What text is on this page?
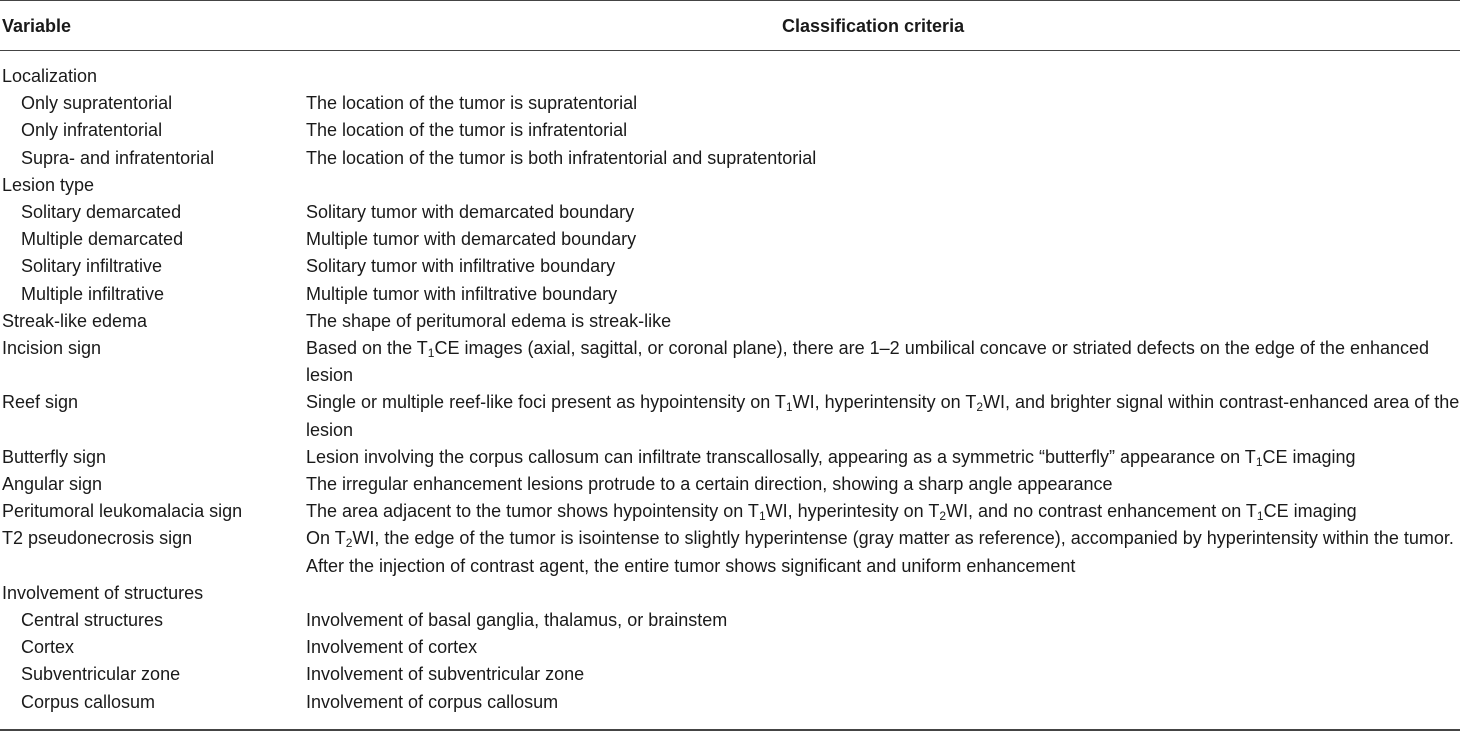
Variable	Classification criteria
Localization
Only supratentorial	The location of the tumor is supratentorial
Only infratentorial	The location of the tumor is infratentorial
Supra- and infratentorial	The location of the tumor is both infratentorial and supratentorial
Lesion type
Solitary demarcated	Solitary tumor with demarcated boundary
Multiple demarcated	Multiple tumor with demarcated boundary
Solitary infiltrative	Solitary tumor with infiltrative boundary
Multiple infiltrative	Multiple tumor with infiltrative boundary
Streak-like edema	The shape of peritumoral edema is streak-like
Incision sign	Based on the $T_1CE$ images (axial, sagittal, or coronal plane), there are 1–2 umbilical concave or striated defects on the edge of the enhanced lesion
Reef sign	Single or multiple reef-like foci present as hypointensity on $T_1WI$, hyperintensity on $T_2WI$, and brighter signal within contrast-enhanced area of the lesion
Butterfly sign	Lesion involving the corpus callosum can infiltrate transcallosally, appearing as a symmetric “butterfly” appearance on $T_1CE$ imaging
Angular sign	The irregular enhancement lesions protrude to a certain direction, showing a sharp angle appearance
Peritumoral leukomalacia sign	The area adjacent to the tumor shows hypointensity on $T_1WI$, hyperintesity on $T_2WI$, and no contrast enhancement on $T_1CE$ imaging
T2 pseudonecrosis sign	On $T_2WI$, the edge of the tumor is isointense to slightly hyperintense (gray matter as reference), accompanied by hyperintensity within the tumor. After the injection of contrast agent, the entire tumor shows significant and uniform enhancement
Involvement of structures
Central structures	Involvement of basal ganglia, thalamus, or brainstem
Cortex	Involvement of cortex
Subventricular zone	Involvement of subventricular zone
Corpus callosum	Involvement of corpus callosum
